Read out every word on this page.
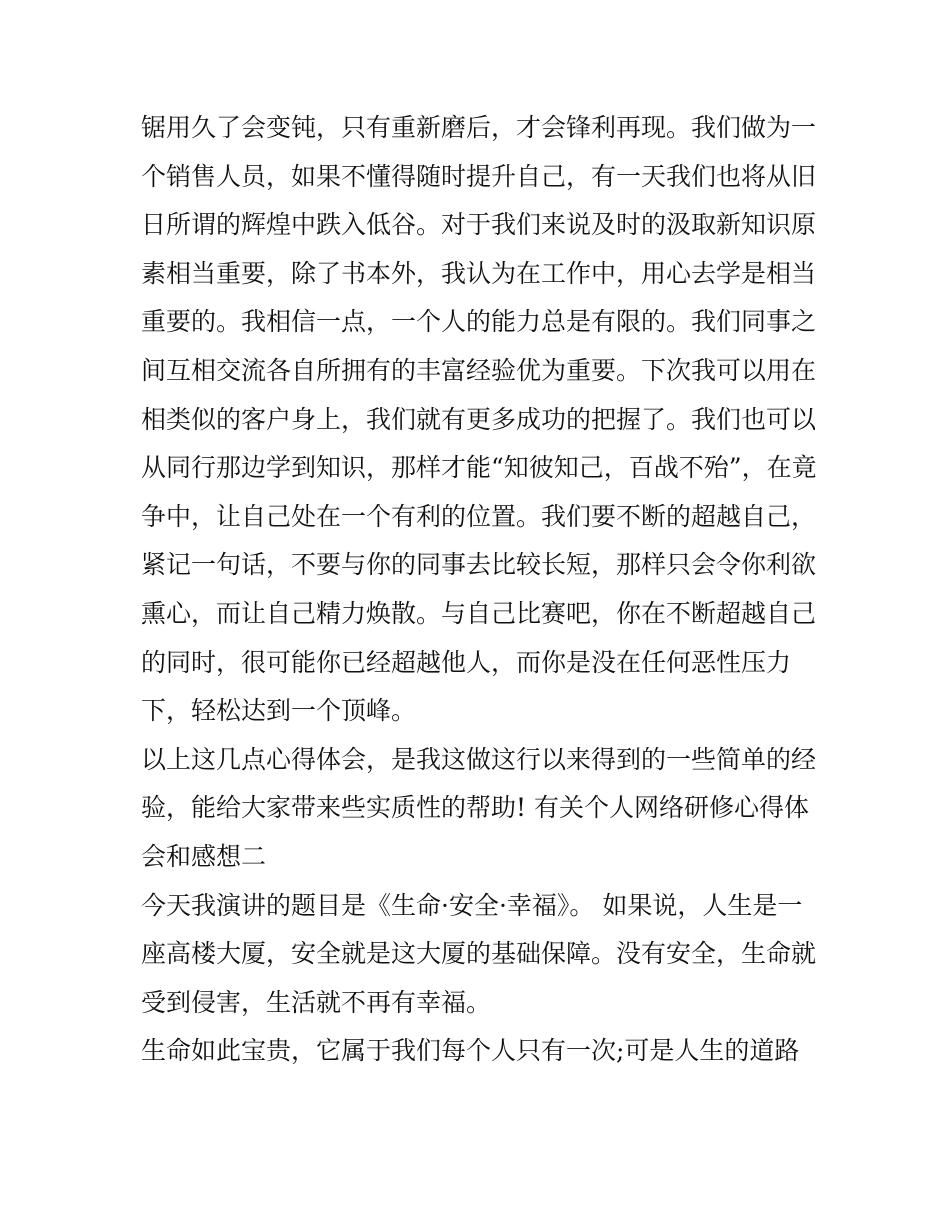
锯用久了会变钝，只有重新磨后，才会锋利再现。我们做为一
个销售人员，如果不懂得随时提升自己，有一天我们也将从旧
日所谓的辉煌中跌入低谷。对于我们来说及时的汲取新知识原
素相当重要，除了书本外，我认为在工作中，用心去学是相当
重要的。我相信一点，一个人的能力总是有限的。我们同事之
间互相交流各自所拥有的丰富经验优为重要。下次我可以用在
相类似的客户身上，我们就有更多成功的把握了。我们也可以
从同行那边学到知识，那样才能“知彼知己，百战不殆”，在竟
争中，让自己处在一个有利的位置。我们要不断的超越自己，
紧记一句话，不要与你的同事去比较长短，那样只会令你利欲
熏心，而让自己精力焕散。与自己比赛吧，你在不断超越自己
的同时，很可能你已经超越他人，而你是没在任何恶性压力
下，轻松达到一个顶峰。
以上这几点心得体会，是我这做这行以来得到的一些简单的经
验，能给大家带来些实质性的帮助! 有关个人网络研修心得体
会和感想二
今天我演讲的题目是《生命·安全·幸福》。 如果说，人生是一
座高楼大厦，安全就是这大厦的基础保障。没有安全，生命就
受到侵害，生活就不再有幸福。
生命如此宝贵，它属于我们每个人只有一次;可是人生的道路
